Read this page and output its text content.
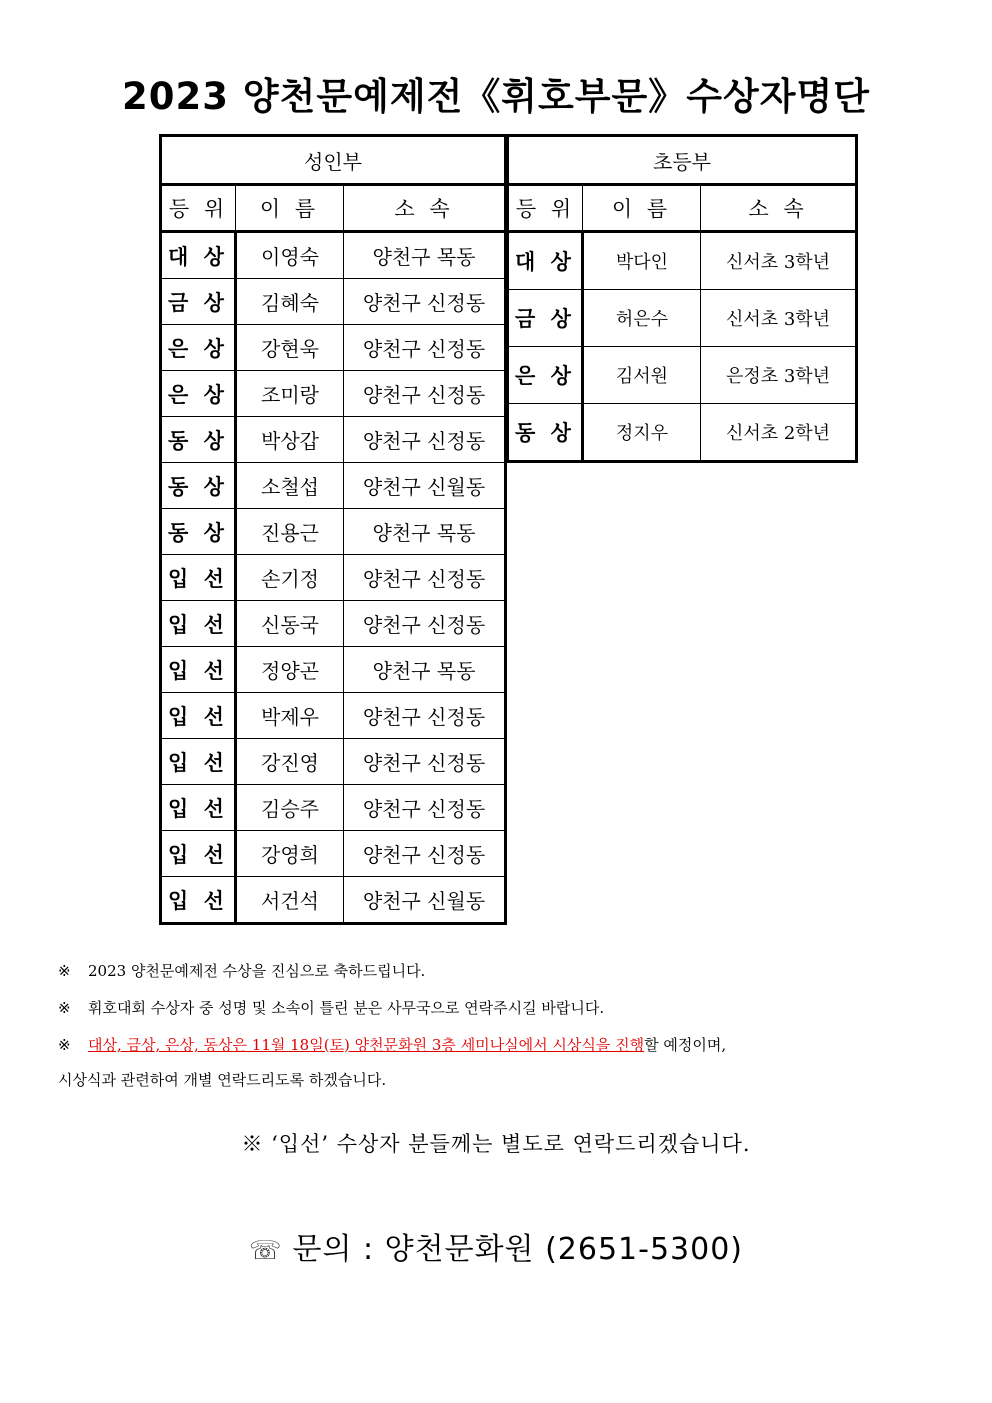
2023 양천문예제전《휘호부문》수상자명단
성인부		
등 위	이 름	소 속
대 상	이영숙	양천구 목동
금 상	김혜숙	양천구 신정동
은 상	강현욱	양천구 신정동
은 상	조미랑	양천구 신정동
동 상	박상갑	양천구 신정동
동 상	소철섭	양천구 신월동
동 상	진용근	양천구 목동
입 선	손기정	양천구 신정동
입 선	신동국	양천구 신정동
입 선	정양곤	양천구 목동
입 선	박제우	양천구 신정동
입 선	강진영	양천구 신정동
입 선	김승주	양천구 신정동
입 선	강영희	양천구 신정동
입 선	서건석	양천구 신월동
초등부		
등 위	이 름	소 속
대 상	박다인	신서초 3학년
금 상	허은수	신서초 3학년
은 상	김서원	은정초 3학년
동 상	정지우	신서초 2학년
※ 2023 양천문예제전 수상을 진심으로 축하드립니다.
※ 휘호대회 수상자 중 성명 및 소속이 틀린 분은 사무국으로 연락주시길 바랍니다.
※ 대상, 금상, 은상, 동상은 11월 18일(토) 양천문화원 3층 세미나실에서 시상식을 진행할 예정이며,
시상식과 관련하여 개별 연락드리도록 하겠습니다.
※ ‘입선’ 수상자 분들께는 별도로 연락드리겠습니다.
☏ 문의 : 양천문화원 (2651-5300)
